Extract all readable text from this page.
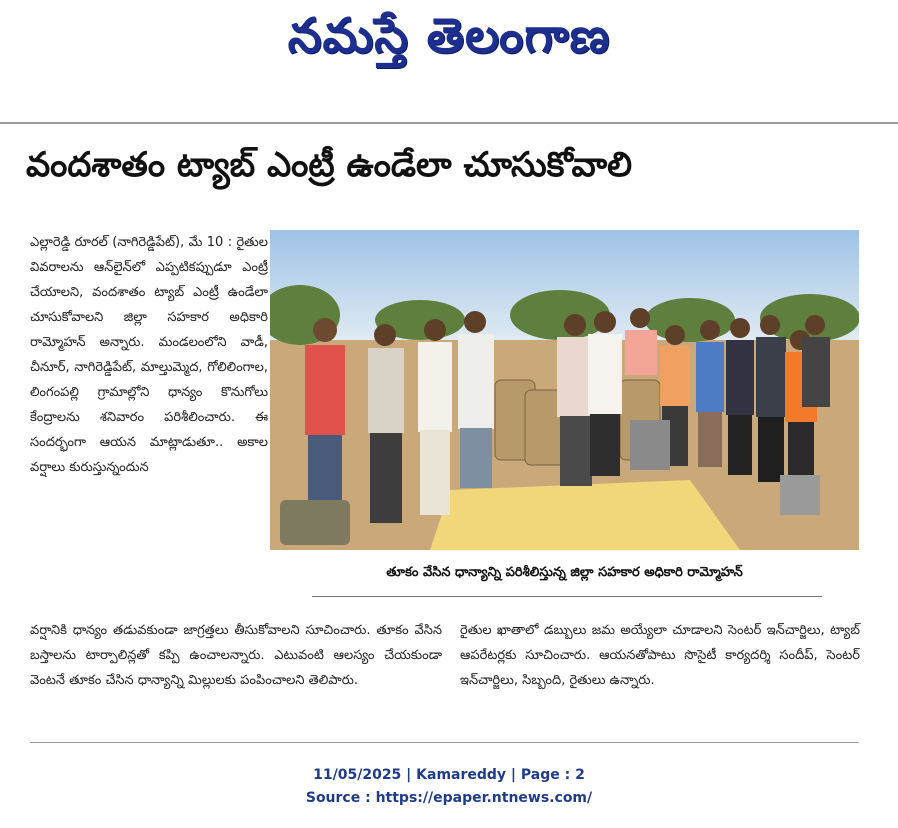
నమస్తే తెలంగాణ
వందశాతం ట్యాబ్ ఎంట్రీ ఉండేలా చూసుకోవాలి

ఎల్లారెడ్డి రూరల్ (నాగిరెడ్డిపేట్), మే 10 : రైతుల వివరాలను ఆన్‌లైన్‌లో ఎప్పటికప్పుడూ ఎంట్రీ చేయాలని, వందశాతం ట్యాబ్ ఎంట్రీ ఉండేలా చూసుకోవాలని జిల్లా సహకార అధికారి రామ్మోహన్ అన్నారు. మండలంలోని వాడీ, చీనూర్, నాగిరెడ్డిపేట్, మాల్తుమ్మెద, గోలిలింగాల, లింగంపల్లి గ్రామాల్లోని ధాన్యం కొనుగోలు కేంద్రాలను శనివారం పరిశీలించారు. ఈ సందర్భంగా ఆయన మాట్లాడుతూ.. అకాల వర్షాలు కురుస్తున్నందున

తూకం వేసిన ధాన్యాన్ని పరిశీలిస్తున్న జిల్లా సహకార అధికారి రామ్మోహన్
వర్షానికి ధాన్యం తడువకుండా జాగ్రత్తలు తీసుకోవాలని సూచించారు. తూకం వేసిన బస్తాలను టార్పాలిన్లతో కప్పి ఉంచాలన్నారు. ఎటువంటి ఆలస్యం చేయకుండా వెంటనే తూకం చేసిన ధాన్యాన్ని మిల్లులకు పంపించాలని తెలిపారు.
రైతుల ఖాతాలో డబ్బులు జమ అయ్యేలా చూడాలని సెంటర్ ఇన్‌చార్జిలు, ట్యాబ్ ఆపరేటర్లకు సూచించారు. ఆయనతోపాటు సొసైటీ కార్యదర్శి సందీప్, సెంటర్ ఇన్‌చార్జిలు, సిబ్బంది, రైతులు ఉన్నారు.
11/05/2025 | Kamareddy | Page : 2
Source : https://epaper.ntnews.com/
